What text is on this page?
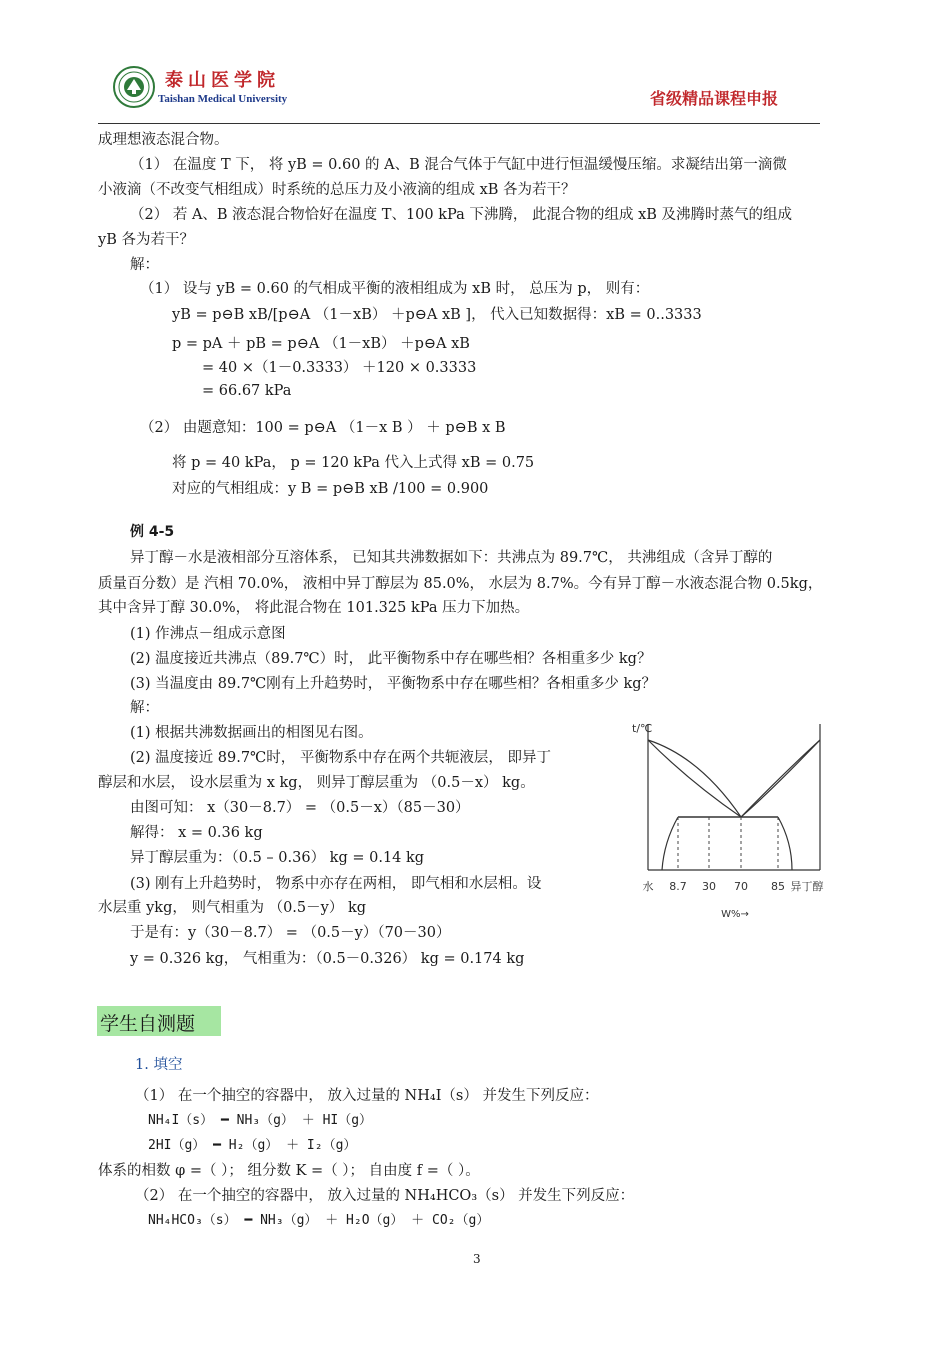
泰山医学院
Taishan Medical University	省级精品课程申报
成理想液态混合物。
（1） 在温度 T 下， 将 yB = 0.60 的 A、B 混合气体于气缸中进行恒温缓慢压缩。求凝结出第一滴微
小液滴（不改变气相组成）时系统的总压力及小液滴的组成 xB 各为若干？
（2） 若 A、B 液态混合物恰好在温度 T、100 kPa 下沸腾， 此混合物的组成 xB 及沸腾时蒸气的组成
yB 各为若干？
解：
（1） 设与 yB = 0.60 的气相成平衡的液相组成为 xB 时， 总压为 p， 则有：
yB = p⊖B xB/[p⊖A （1－xB） ＋p⊖A xB ]， 代入已知数据得：xB = 0..3333
p = pA ＋ pB = p⊖A （1－xB） ＋p⊖A xB
= 40 ×（1－0.3333） ＋120 × 0.3333
= 66.67 kPa
（2） 由题意知：100 = p⊖A （1－x B ） ＋ p⊖B x B
将 p = 40 kPa， p = 120 kPa 代入上式得 xB = 0.75
对应的气相组成：y B = p⊖B xB /100 = 0.900
例 4-5
异丁醇－水是液相部分互溶体系， 已知其共沸数据如下：共沸点为 89.7℃， 共沸组成（含异丁醇的
质量百分数）是 汽相 70.0%， 液相中异丁醇层为 85.0%， 水层为 8.7%。今有异丁醇－水液态混合物 0.5kg，
其中含异丁醇 30.0%， 将此混合物在 101.325 kPa 压力下加热。
(1) 作沸点－组成示意图
(2) 温度接近共沸点（89.7℃）时， 此平衡物系中存在哪些相？各相重多少 kg？
(3) 当温度由 89.7℃刚有上升趋势时， 平衡物系中存在哪些相？各相重多少 kg？
解：
(1) 根据共沸数据画出的相图见右图。
(2) 温度接近 89.7℃时， 平衡物系中存在两个共轭液层， 即异丁
醇层和水层， 设水层重为 x kg， 则异丁醇层重为 （0.5－x） kg。
由图可知： x（30－8.7） = （0.5－x）（85－30）
解得： x = 0.36 kg
异丁醇层重为：（0.5 – 0.36） kg = 0.14 kg
(3) 刚有上升趋势时， 物系中亦存在两相， 即气相和水层相。设
水层重 ykg， 则气相重为 （0.5－y） kg
于是有：y（30－8.7） = （0.5－y）（70－30）
y = 0.326 kg， 气相重为：（0.5－0.326） kg = 0.174 kg
t/℃
水 8.7 30 70 85 异丁醇
W%→
学生自测题
1. 填空
（1） 在一个抽空的容器中， 放入过量的 NH₄I（s） 并发生下列反应：
NH₄I（s） ━ NH₃（g） ＋ HI（g）
2HI（g） ━ H₂（g） ＋ I₂（g）
体系的相数 φ =（ ）； 组分数 K =（ ）； 自由度 f =（ ）。
（2） 在一个抽空的容器中， 放入过量的 NH₄HCO₃（s） 并发生下列反应：
NH₄HCO₃（s） ━ NH₃（g） ＋ H₂O（g） ＋ CO₂（g）
3
